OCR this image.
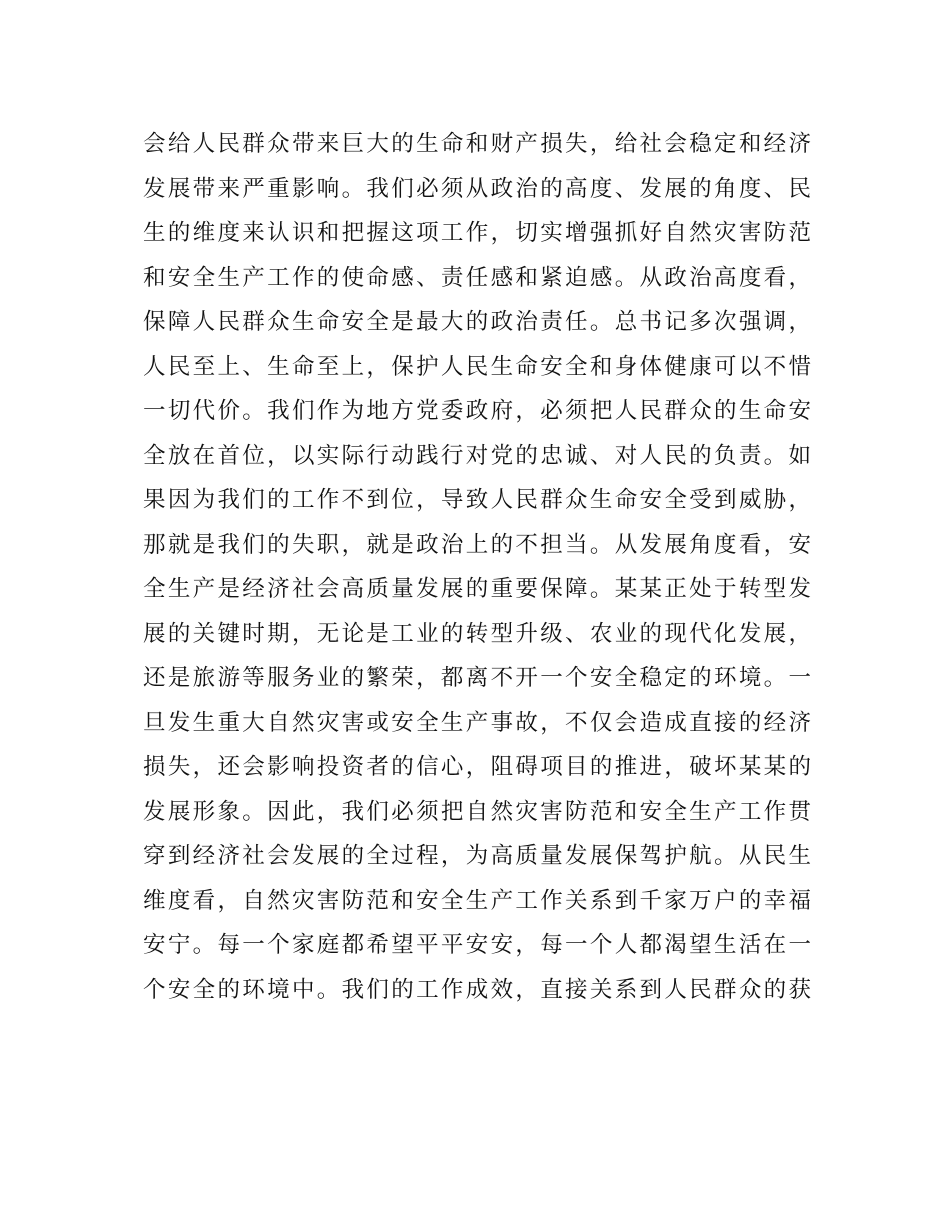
会给人民群众带来巨大的生命和财产损失，给社会稳定和经济
发展带来严重影响。我们必须从政治的高度、发展的角度、民
生的维度来认识和把握这项工作，切实增强抓好自然灾害防范
和安全生产工作的使命感、责任感和紧迫感。从政治高度看，
保障人民群众生命安全是最大的政治责任。总书记多次强调，
人民至上、生命至上，保护人民生命安全和身体健康可以不惜
一切代价。我们作为地方党委政府，必须把人民群众的生命安
全放在首位，以实际行动践行对党的忠诚、对人民的负责。如
果因为我们的工作不到位，导致人民群众生命安全受到威胁，
那就是我们的失职，就是政治上的不担当。从发展角度看，安
全生产是经济社会高质量发展的重要保障。某某正处于转型发
展的关键时期，无论是工业的转型升级、农业的现代化发展，
还是旅游等服务业的繁荣，都离不开一个安全稳定的环境。一
旦发生重大自然灾害或安全生产事故，不仅会造成直接的经济
损失，还会影响投资者的信心，阻碍项目的推进，破坏某某的
发展形象。因此，我们必须把自然灾害防范和安全生产工作贯
穿到经济社会发展的全过程，为高质量发展保驾护航。从民生
维度看，自然灾害防范和安全生产工作关系到千家万户的幸福
安宁。每一个家庭都希望平平安安，每一个人都渴望生活在一
个安全的环境中。我们的工作成效，直接关系到人民群众的获
